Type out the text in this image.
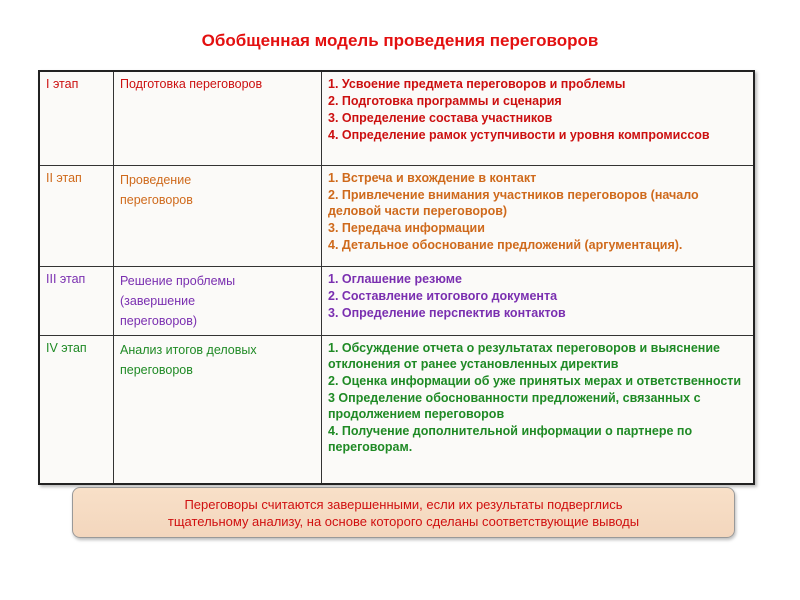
Обобщенная модель проведения переговоров
I этап	Подготовка переговоров	1. Усвоение предмета переговоров и проблемы
2. Подготовка программы и сценария
3. Определение состава участников
4. Определение рамок уступчивости и уровня компромиссов

II этап	Проведение переговоров	1. Встреча и вхождение в контакт
2. Привлечение внимания участников переговоров (начало деловой части переговоров)
3. Передача информации
4. Детальное обоснование предложений (аргументация).

III этап	Решение проблемы (завершение переговоров)	1. Оглашение резюме
2. Составление итогового документа
3. Определение перспектив контактов

IV этап	Анализ итогов деловых переговоров	1. Обсуждение отчета о результатах переговоров и выяснение отклонения от ранее установленных директив
2. Оценка информации об уже принятых мерах и ответственности
3 Определение обоснованности предложений, связанных с продолжением переговоров
4. Получение дополнительной информации о партнере по переговорам.
Переговоры считаются завершенными, если их результаты подверглись
тщательному анализу, на основе которого сделаны соответствующие выводы
